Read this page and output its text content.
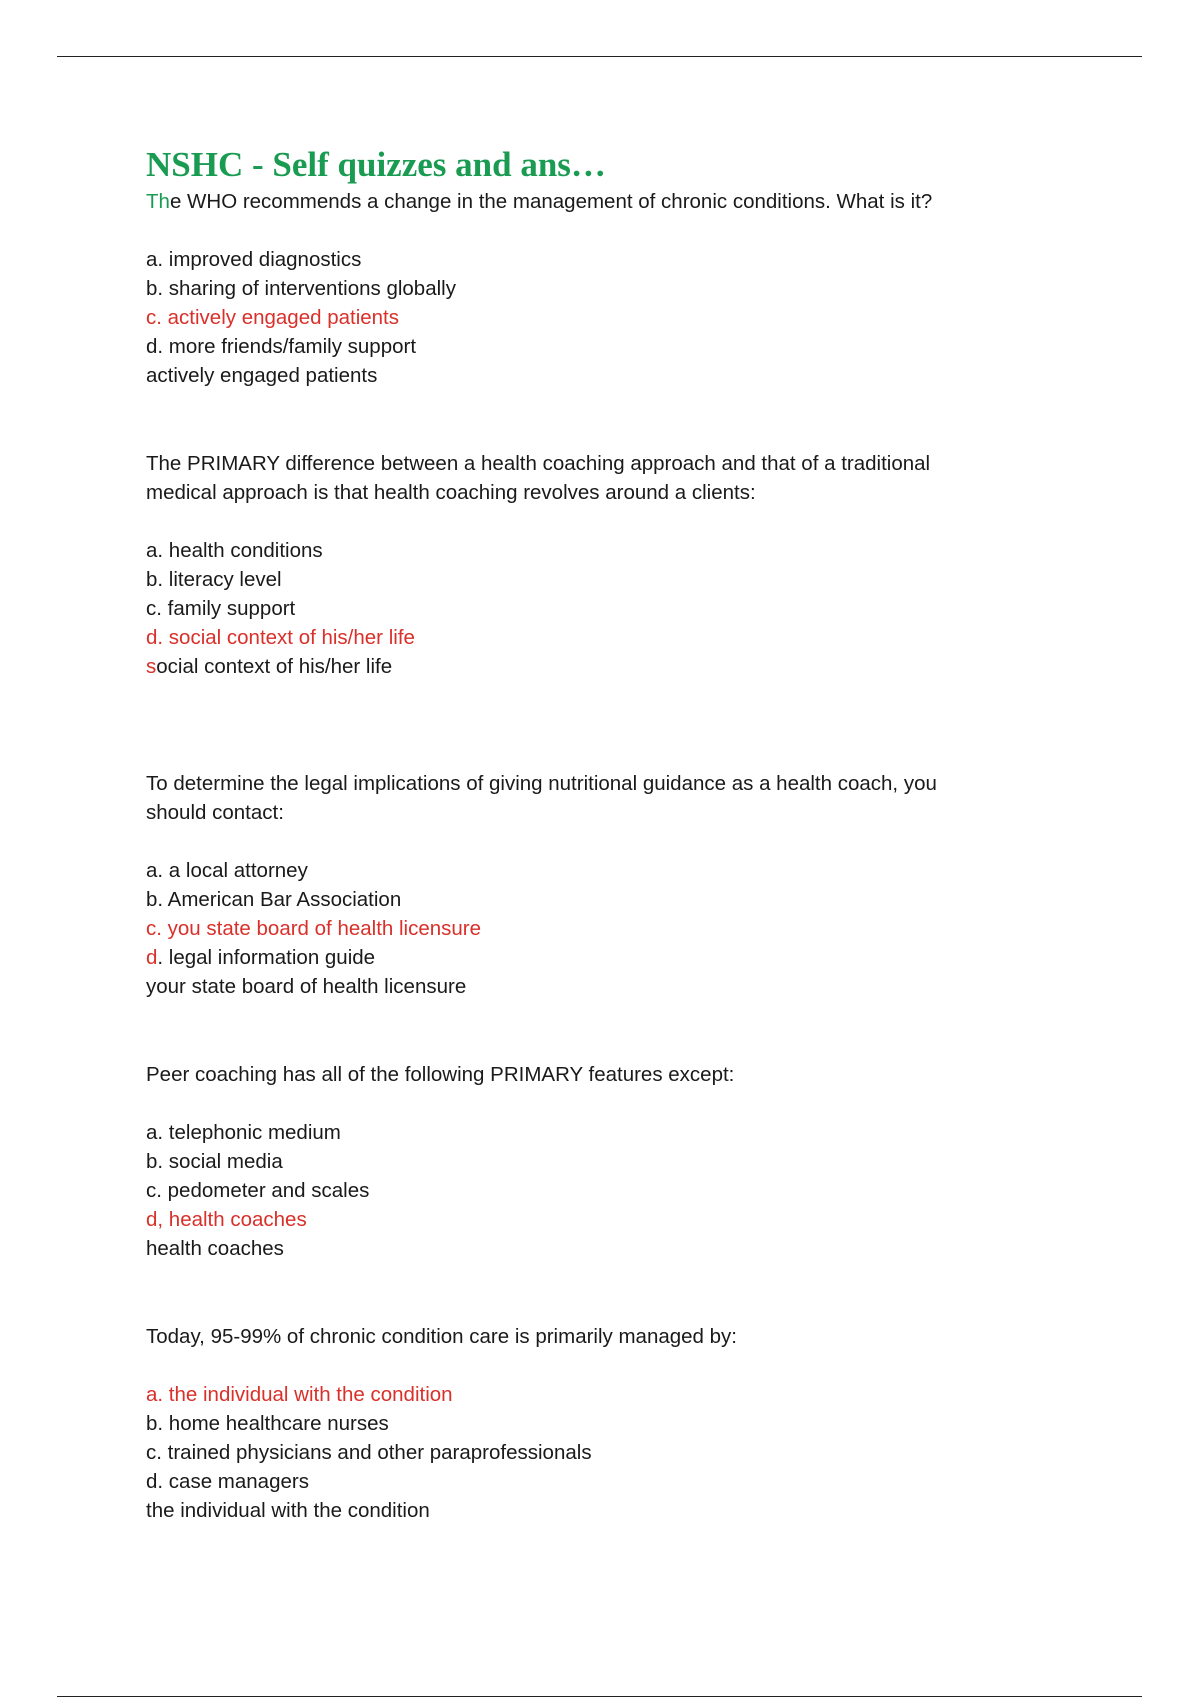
NSHC - Self quizzes and ans…

The WHO recommends a change in the management of chronic conditions. What is it?

a. improved diagnostics

b. sharing of interventions globally

c. actively engaged patients

d. more friends/family support

actively engaged patients

The PRIMARY difference between a health coaching approach and that of a traditional

medical approach is that health coaching revolves around a clients:

a. health conditions

b. literacy level

c. family support

d. social context of his/her life

social context of his/her life

To determine the legal implications of giving nutritional guidance as a health coach, you

should contact:

a. a local attorney

b. American Bar Association

c. you state board of health licensure

d. legal information guide

your state board of health licensure

Peer coaching has all of the following PRIMARY features except:

a. telephonic medium

b. social media

c. pedometer and scales

d, health coaches

health coaches

Today, 95-99% of chronic condition care is primarily managed by:

a. the individual with the condition

b. home healthcare nurses

c. trained physicians and other paraprofessionals

d. case managers

the individual with the condition
